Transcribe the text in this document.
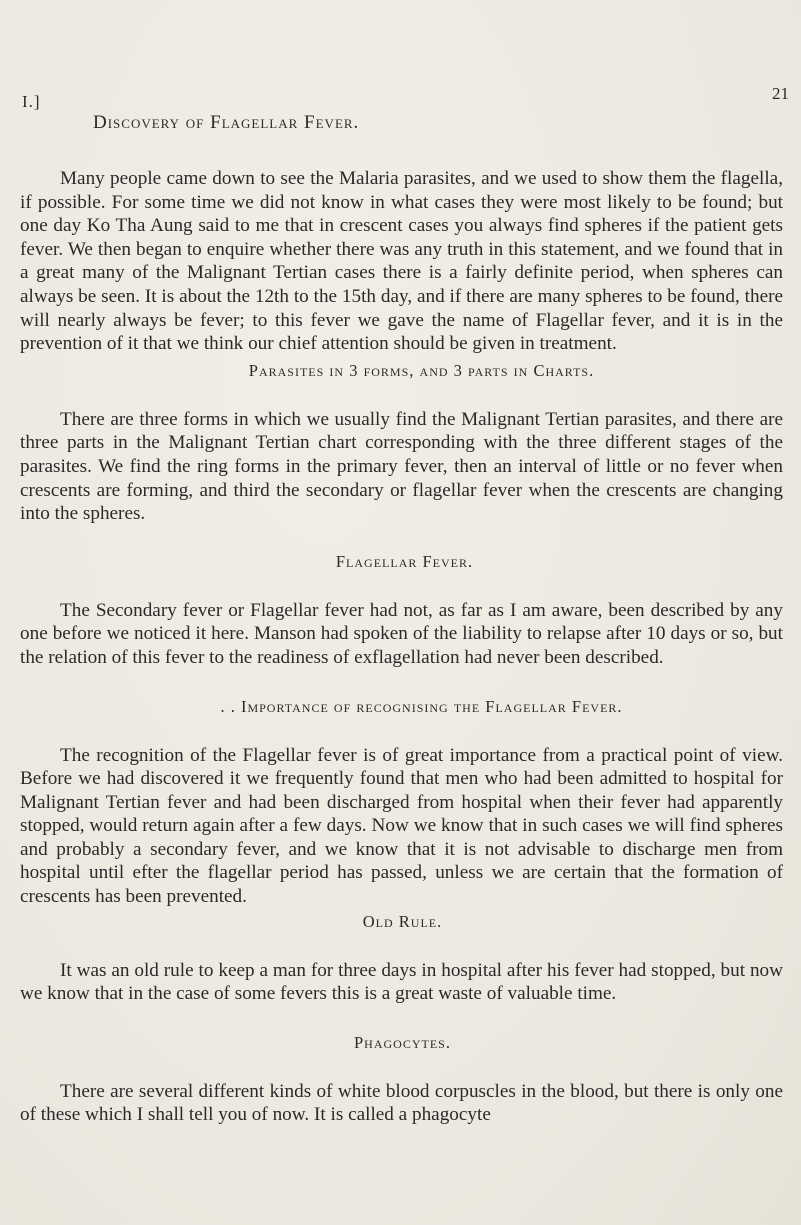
I.]	21
Discovery of Flagellar Fever.

Many people came down to see the Malaria parasites, and we used to show them the flagella, if possible. For some time we did not know in what cases they were most likely to be found; but one day Ko Tha Aung said to me that in crescent cases you always find spheres if the patient gets fever. We then began to enquire whether there was any truth in this statement, and we found that in a great many of the Malignant Tertian cases there is a fairly definite period, when spheres can always be seen. It is about the 12th to the 15th day, and if there are many spheres to be found, there will nearly always be fever; to this fever we gave the name of Flagellar fever, and it is in the prevention of it that we think our chief attention should be given in treatment.

Parasites in 3 forms, and 3 parts in Charts.

There are three forms in which we usually find the Malignant Tertian parasites, and there are three parts in the Malignant Tertian chart corresponding with the three different stages of the parasites. We find the ring forms in the primary fever, then an interval of little or no fever when crescents are forming, and third the secondary or flagellar fever when the crescents are changing into the spheres.

Flagellar Fever.

The Secondary fever or Flagellar fever had not, as far as I am aware, been described by any one before we noticed it here. Manson had spoken of the liability to relapse after 10 days or so, but the relation of this fever to the readiness of exflagellation had never been described.

. . Importance of recognising the Flagellar Fever.

The recognition of the Flagellar fever is of great importance from a practical point of view. Before we had discovered it we frequently found that men who had been admitted to hospital for Malignant Tertian fever and had been discharged from hospital when their fever had apparently stopped, would return again after a few days. Now we know that in such cases we will find spheres and probably a secondary fever, and we know that it is not advisable to discharge men from hospital until efter the flagellar period has passed, unless we are certain that the formation of crescents has been prevented.

Old Rule.

It was an old rule to keep a man for three days in hospital after his fever had stopped, but now we know that in the case of some fevers this is a great waste of valuable time.

Phagocytes.

There are several different kinds of white blood corpuscles in the blood, but there is only one of these which I shall tell you of now. It is called a phagocyte
